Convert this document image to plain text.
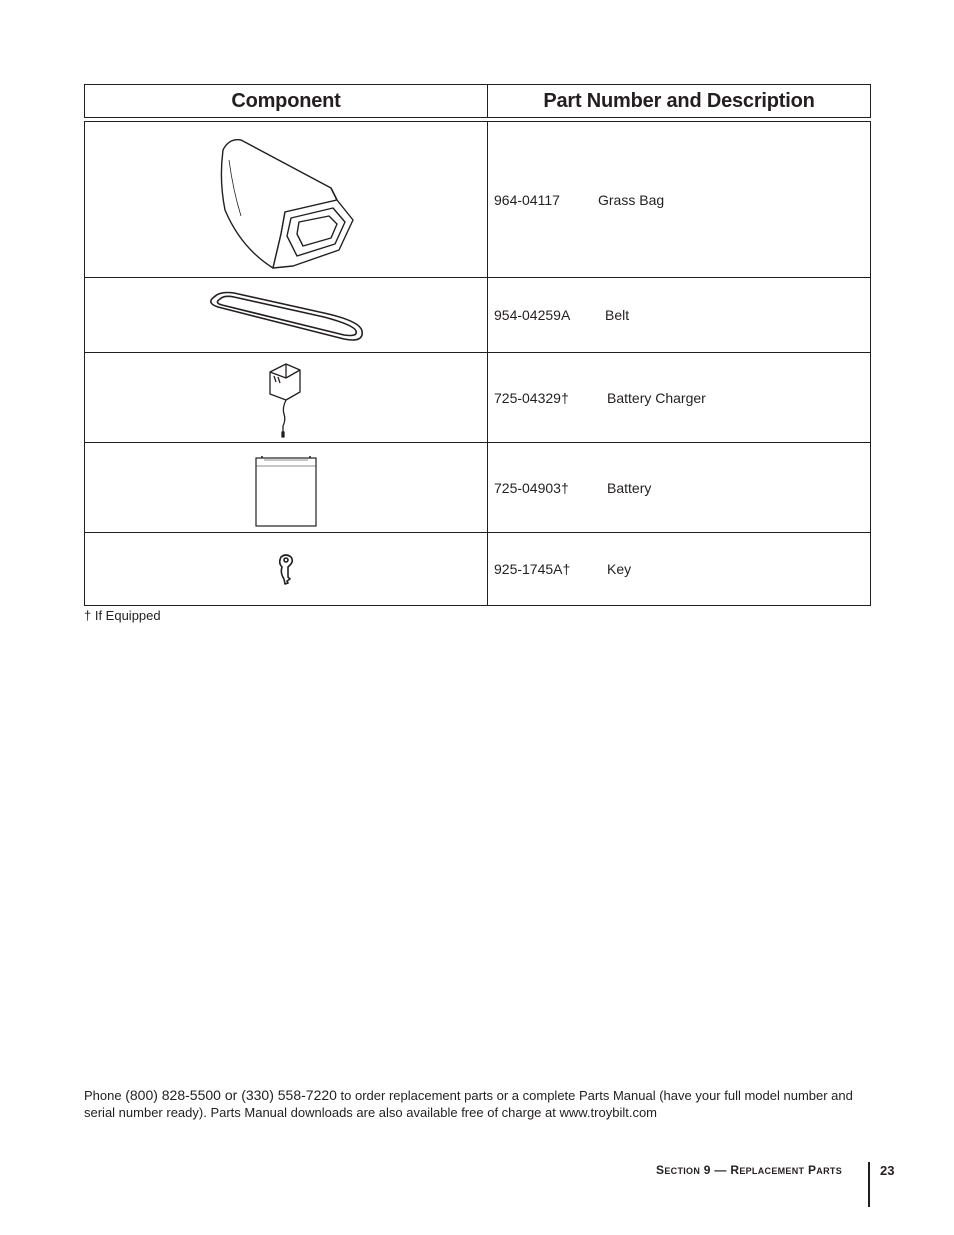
Component	Part Number and Description
964-04117	Grass Bag
954-04259A	Belt
725-04329†	Battery Charger
725-04903†	Battery
925-1745A†	Key
† If Equipped
Phone (800) 828-5500 or (330) 558-7220 to order replacement parts or a complete Parts Manual (have your full model number and serial number ready). Parts Manual downloads are also available free of charge at www.troybilt.com
SECTION 9 — REPLACEMENT PARTS	23
